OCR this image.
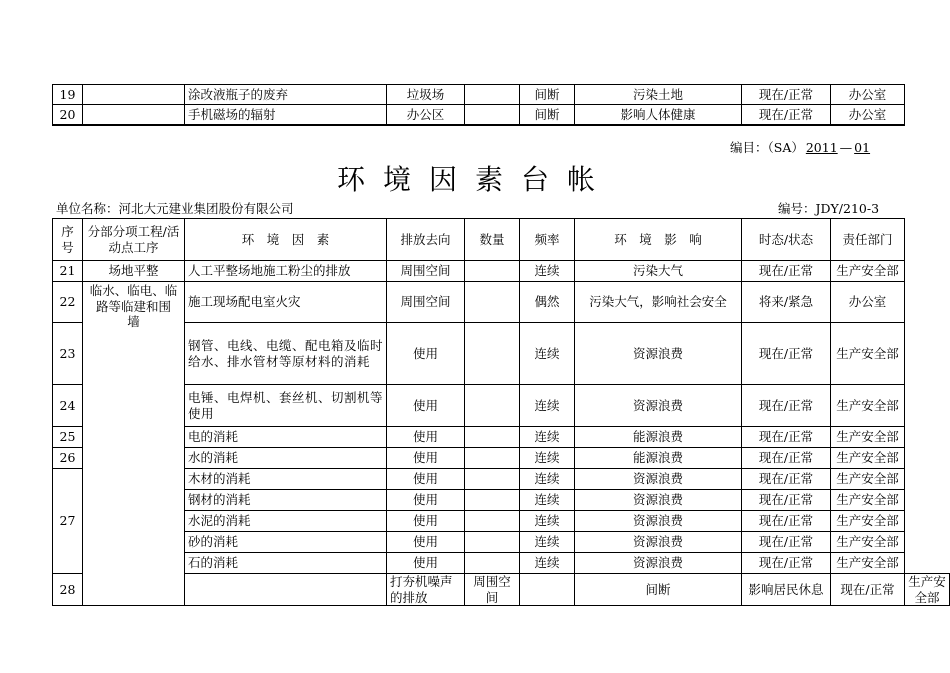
19		涂改液瓶子的废弃	垃圾场		间断	污染土地	现在/正常	办公室
20		手机磁场的辐射	办公区		间断	影响人体健康	现在/正常	办公室
编目：（SA） 2011 — 01
环境因素台帐
单位名称：河北大元建业集团股份有限公司	编号：JDY/210-3
序号	分部分项工程/活动点工序	环　境　因　素	排放去向	数量	频率	环　境　影　响	时态/状态	责任部门	
21	场地平整	人工平整场地施工粉尘的排放	周围空间		连续	污染大气	现在/正常	生产安全部	
22	临水、临电、临路等临建和围　墙	施工现场配电室火灾	周围空间		偶然	污染大气，影响社会安全	将来/紧急	办公室	
23		钢管、电线、电缆、配电箱及临时给水、排水管材等原材料的消耗	使用		连续	资源浪费	现在/正常	生产安全部	
24		电锤、电焊机、套丝机、切割机等使用	使用		连续	资源浪费	现在/正常	生产安全部	
25		电的消耗	使用		连续	能源浪费	现在/正常	生产安全部	
26		水的消耗	使用		连续	能源浪费	现在/正常	生产安全部	
27		木材的消耗	使用		连续	资源浪费	现在/正常	生产安全部	
		钢材的消耗	使用		连续	资源浪费	现在/正常	生产安全部	
		水泥的消耗	使用		连续	资源浪费	现在/正常	生产安全部	
		砂的消耗	使用		连续	资源浪费	现在/正常	生产安全部	
		石的消耗	使用		连续	资源浪费	现在/正常	生产安全部	
28			打夯机噪声的排放	周围空间		间断	影响居民休息	现在/正常	生产安全部
